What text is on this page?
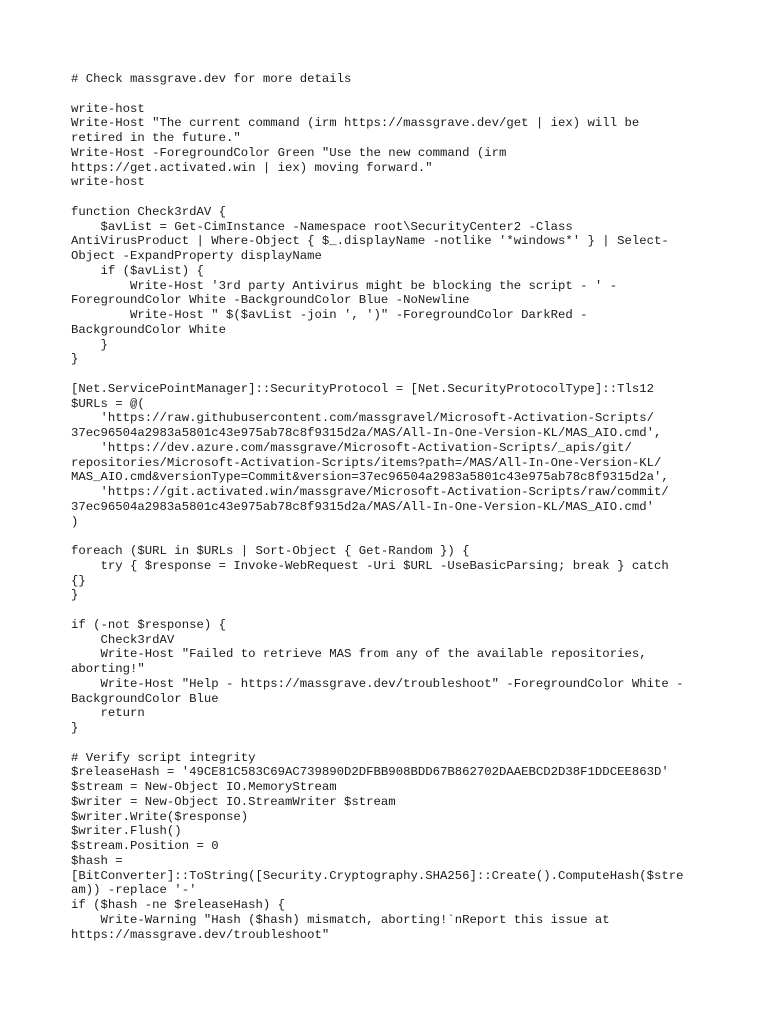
# Check massgrave.dev for more details
write-host
Write-Host "The current command (irm https://massgrave.dev/get | iex) will be
retired in the future."
Write-Host -ForegroundColor Green "Use the new command (irm
https://get.activated.win | iex) moving forward."
write-host
function Check3rdAV {
$avList = Get-CimInstance -Namespace root\SecurityCenter2 -Class
AntiVirusProduct | Where-Object { $_.displayName -notlike '*windows*' } | Select-
Object -ExpandProperty displayName
if ($avList) {
Write-Host '3rd party Antivirus might be blocking the script - ' -
ForegroundColor White -BackgroundColor Blue -NoNewline
Write-Host " $($avList -join ', ')" -ForegroundColor DarkRed -
BackgroundColor White
}
}
[Net.ServicePointManager]::SecurityProtocol = [Net.SecurityProtocolType]::Tls12
$URLs = @(
'https://raw.githubusercontent.com/massgravel/Microsoft-Activation-Scripts/
37ec96504a2983a5801c43e975ab78c8f9315d2a/MAS/All-In-One-Version-KL/MAS_AIO.cmd',
'https://dev.azure.com/massgrave/Microsoft-Activation-Scripts/_apis/git/
repositories/Microsoft-Activation-Scripts/items?path=/MAS/All-In-One-Version-KL/
MAS_AIO.cmd&versionType=Commit&version=37ec96504a2983a5801c43e975ab78c8f9315d2a',
'https://git.activated.win/massgrave/Microsoft-Activation-Scripts/raw/commit/
37ec96504a2983a5801c43e975ab78c8f9315d2a/MAS/All-In-One-Version-KL/MAS_AIO.cmd'
)
foreach ($URL in $URLs | Sort-Object { Get-Random }) {
try { $response = Invoke-WebRequest -Uri $URL -UseBasicParsing; break } catch
{}
}
if (-not $response) {
Check3rdAV
Write-Host "Failed to retrieve MAS from any of the available repositories,
aborting!"
Write-Host "Help - https://massgrave.dev/troubleshoot" -ForegroundColor White -
BackgroundColor Blue
return
}
# Verify script integrity
$releaseHash = '49CE81C583C69AC739890D2DFBB908BDD67B862702DAAEBCD2D38F1DDCEE863D'
$stream = New-Object IO.MemoryStream
$writer = New-Object IO.StreamWriter $stream
$writer.Write($response)
$writer.Flush()
$stream.Position = 0
$hash =
[BitConverter]::ToString([Security.Cryptography.SHA256]::Create().ComputeHash($stre
am)) -replace '-'
if ($hash -ne $releaseHash) {
Write-Warning "Hash ($hash) mismatch, aborting!`nReport this issue at
https://massgrave.dev/troubleshoot"
